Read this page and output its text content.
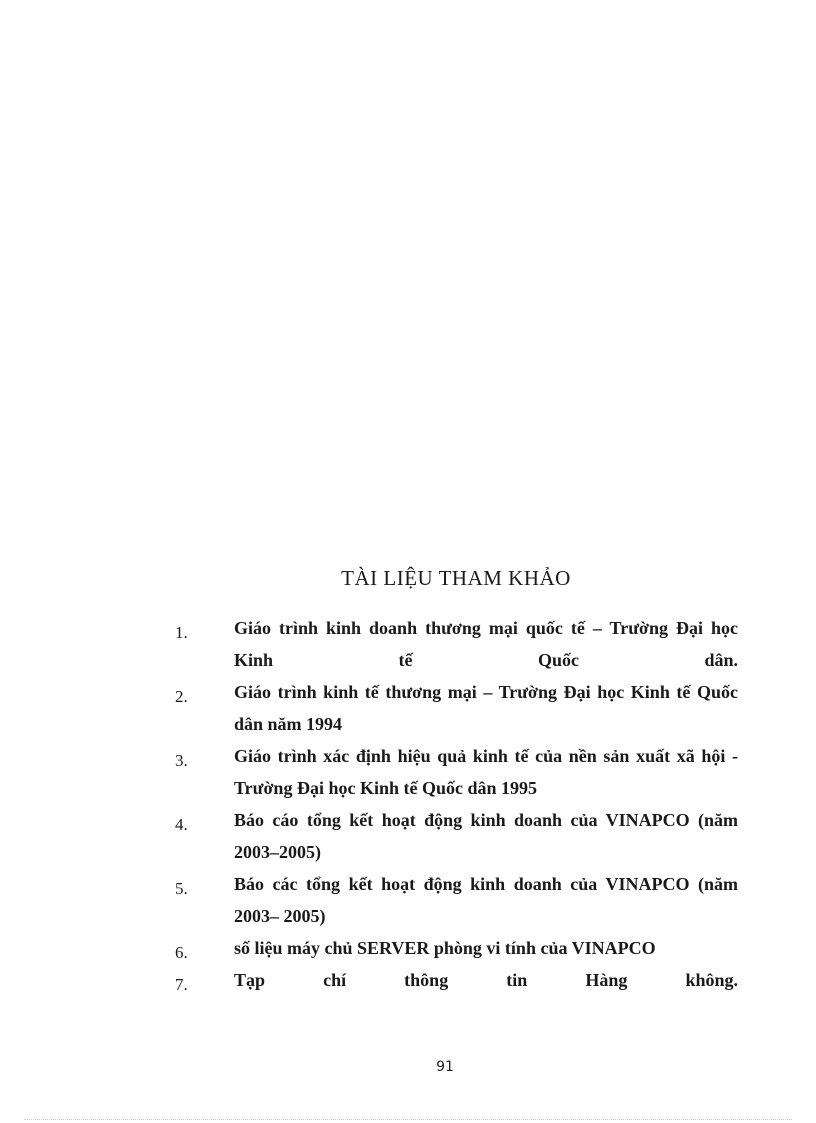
TÀI LIỆU THAM KHẢO
1.	Giáo trình kinh doanh thương mại quốc tế – Trường Đại học Kinh tế Quốc dân.
2.	Giáo trình kinh tế thương mại – Trường Đại học Kinh tế Quốc dân năm 1994
3.	Giáo trình xác định hiệu quả kinh tế của nền sản xuất xã hội - Trường Đại học Kinh tế Quốc dân 1995
4.	Báo cáo tổng kết hoạt động kinh doanh của VINAPCO (năm 2003–2005)
5.	Báo các tổng kết hoạt động kinh doanh của VINAPCO (năm 2003– 2005)
6.	số liệu máy chủ SERVER phòng vi tính của VINAPCO
7.	Tạp chí thông tin Hàng không.
91
